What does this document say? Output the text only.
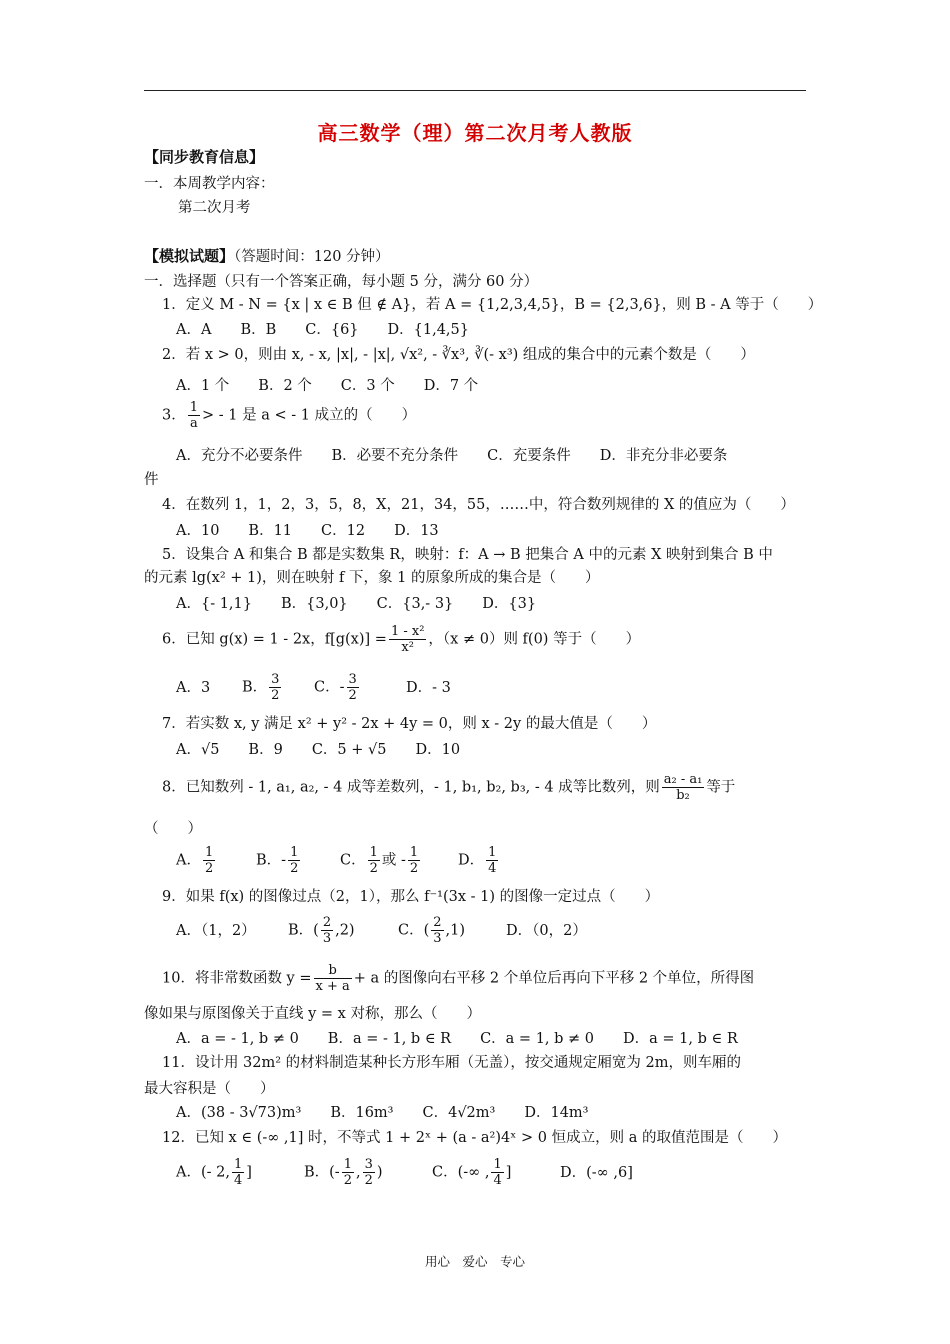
高三数学（理）第二次月考人教版
【同步教育信息】
一．本周教学内容：
第二次月考
【模拟试题】（答题时间：120 分钟）
一．选择题（只有一个答案正确，每小题 5 分，满分 60 分）
1．定义 M - N = {x | x ∈ B 但 ∉ A}，若 A = {1,2,3,4,5}，B = {2,3,6}，则 B - A 等于（　　）
A．A　　B．B　　C．{6}　　D．{1,4,5}
2．若 x > 0，则由 x, - x, |x|, - |x|, √x², - ∛x³, ∛(- x³) 组成的集合中的元素个数是（　　）
A．1 个　　B．2 个　　C．3 个　　D．7 个
3． $\frac{1}{a}$ > - 1 是 a < - 1 成立的（　　）
A．充分不必要条件　　B．必要不充分条件　　C．充要条件　　D．非充分非必要条
件
4．在数列 1，1，2，3，5，8，X，21，34，55，……中，符合数列规律的 X 的值应为（　　）
A．10　　B．11　　C．12　　D．13
5．设集合 A 和集合 B 都是实数集 R，映射：f：A → B 把集合 A 中的元素 X 映射到集合 B 中
的元素 lg(x² + 1)，则在映射 f 下，象 1 的原象所成的集合是（　　）
A．{- 1,1}　　B．{3,0}　　C．{3,- 3}　　D．{3}
6．已知 g(x) = 1 - 2x，$f[g(x)] = \frac{\text{1 - x²}}{\text{x²}}$ ，（x ≠ 0）则 f(0) 等于（　　）
A．3 B． $\frac{3}{2}$ C．- $\frac{3}{2}$	D．- 3
7．若实数 x, y 满足 x² + y² - 2x + 4y = 0，则 x - 2y 的最大值是（　　）
A．√5　　B．9　　C．5 + √5　　D．10
8．已知数列 - 1, a₁, a₂, - 4 成等差数列，- 1, b₁, b₂, b₃, - 4 成等比数列，则 $\frac{\text{a₂ - a₁}}{\text{b₂}}$ 等于
（　　）
A． $\frac{1}{2}$	B．- $\frac{1}{2}$	C． $\frac{1}{2}$ 或 - $\frac{1}{2}$	D． $\frac{1}{4}$
9．如果 f(x) 的图像过点（2，1），那么 f⁻¹(3x - 1) 的图像一定过点（　　）
A．（1，2） B．( $\frac{2}{3} ,2$)	C．( $\frac{2}{3} ,1$)	D．（0，2）
10．将非常数函数 $y = \frac{b}{x + a} + a$ 的图像向右平移 2 个单位后再向下平移 2 个单位，所得图
像如果与原图像关于直线 y = x 对称，那么（　　）
A．a = - 1, b ≠ 0　　B．a = - 1, b ∈ R　　C．a = 1, b ≠ 0　　D．a = 1, b ∈ R
11．设计用 32m² 的材料制造某种长方形车厢（无盖），按交通规定厢宽为 2m，则车厢的
最大容积是（　　）
A．(38 - 3√73)m³　　B．16m³　　C．4√2m³　　D．14m³
12．已知 x ∈ (-∞ ,1] 时，不等式 1 + 2ˣ + (a - a²)4ˣ > 0 恒成立，则 a 的取值范围是（　　）
A．(- 2, $\frac{1}{4}$ ]	B．(- $\frac{1}{2}$ , $\frac{3}{2}$ )	C．(-∞ , $\frac{1}{4}$ ]	D．(-∞ ,6]
用心　爱心　专心
